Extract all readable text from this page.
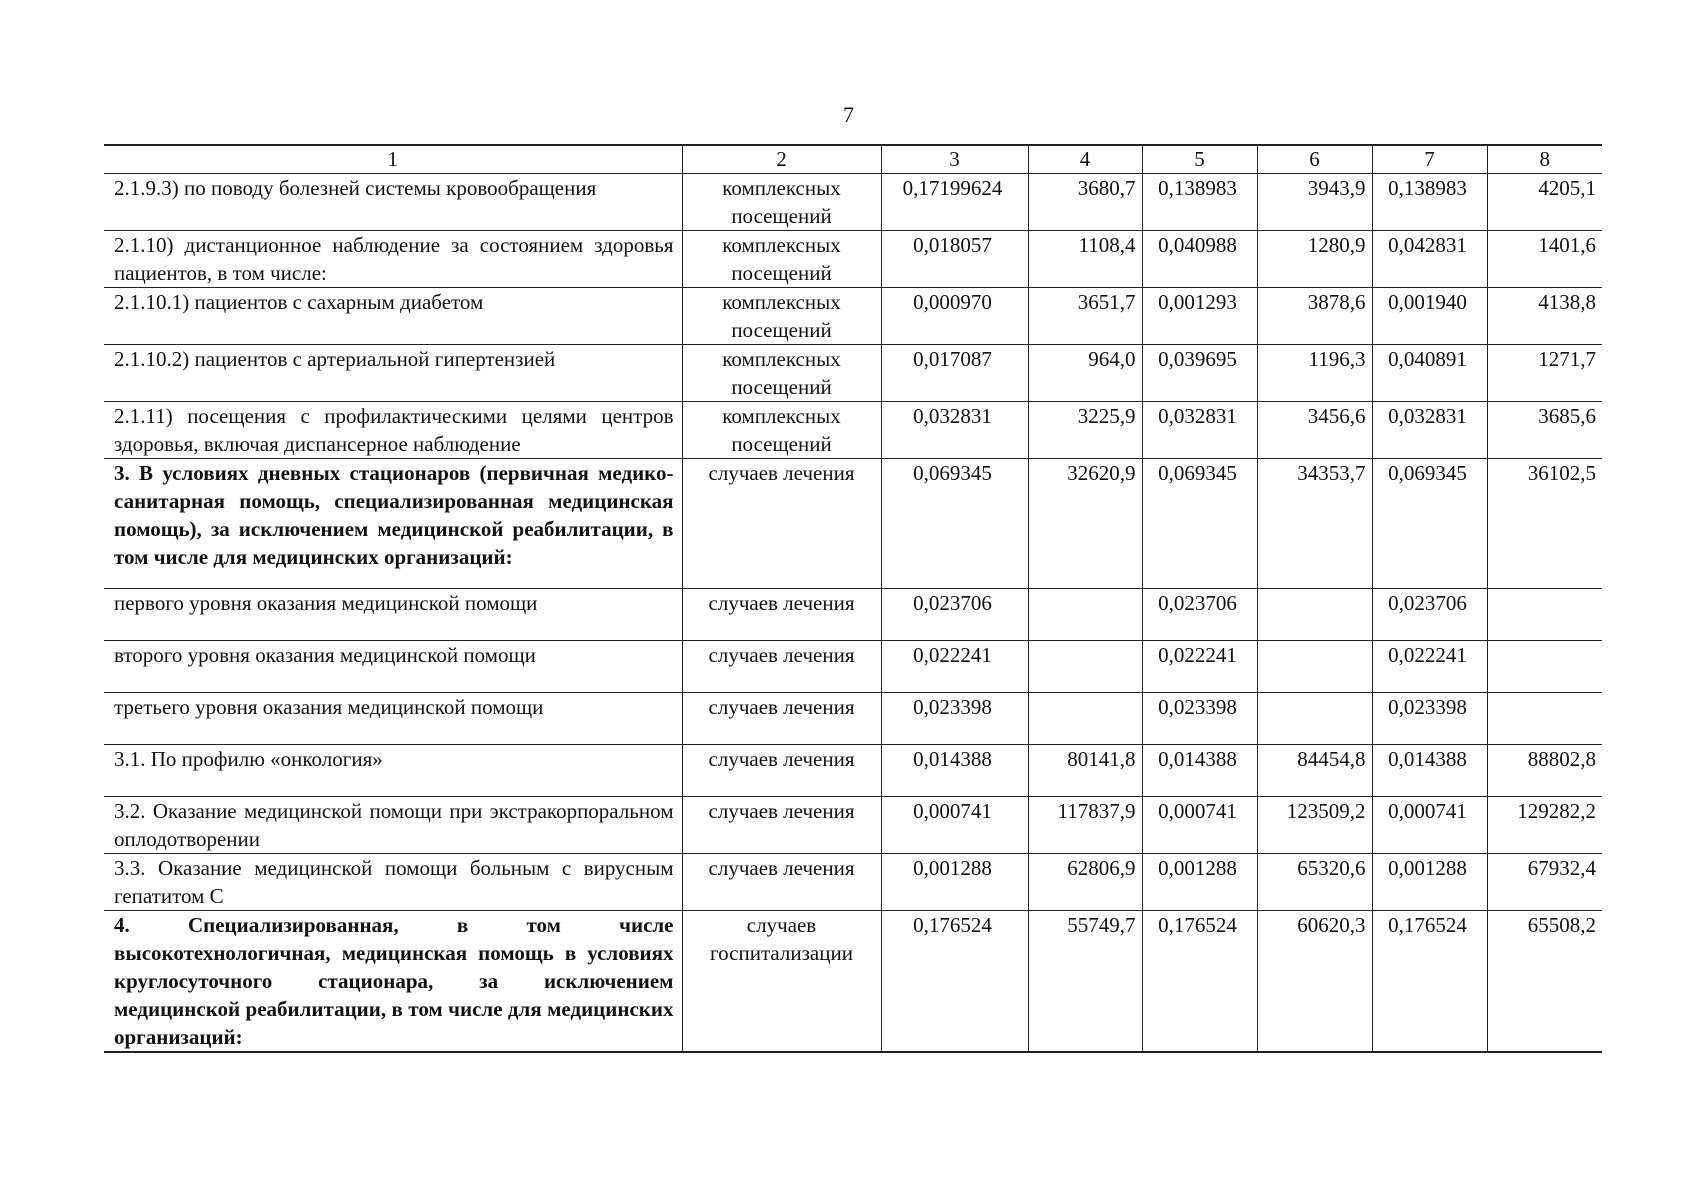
7
1	2	3	4	5	6	7	8
2.1.9.3) по поводу болезней системы кровообращения	комплексных посещений	0,17199624	3680,7	0,138983	3943,9	0,138983	4205,1
2.1.10) дистанционное наблюдение за состоянием здоровья пациентов, в том числе:	комплексных посещений	0,018057	1108,4	0,040988	1280,9	0,042831	1401,6
2.1.10.1) пациентов с сахарным диабетом	комплексных посещений	0,000970	3651,7	0,001293	3878,6	0,001940	4138,8
2.1.10.2) пациентов с артериальной гипертензией	комплексных посещений	0,017087	964,0	0,039695	1196,3	0,040891	1271,7
2.1.11) посещения с профилактическими целями центров здоровья, включая диспансерное наблюдение	комплексных посещений	0,032831	3225,9	0,032831	3456,6	0,032831	3685,6
3. В условиях дневных стационаров (первичная медико-санитарная помощь, специализированная медицинская помощь), за исключением медицинской реабилитации, в том числе для медицинских организаций:	случаев лечения	0,069345	32620,9	0,069345	34353,7	0,069345	36102,5
первого уровня оказания медицинской помощи	случаев лечения	0,023706		0,023706		0,023706	
второго уровня оказания медицинской помощи	случаев лечения	0,022241		0,022241		0,022241	
третьего уровня оказания медицинской помощи	случаев лечения	0,023398		0,023398		0,023398	
3.1. По профилю «онкология»	случаев лечения	0,014388	80141,8	0,014388	84454,8	0,014388	88802,8
3.2. Оказание медицинской помощи при экстракорпоральном оплодотворении	случаев лечения	0,000741	117837,9	0,000741	123509,2	0,000741	129282,2
3.3. Оказание медицинской помощи больным с вирусным гепатитом С	случаев лечения	0,001288	62806,9	0,001288	65320,6	0,001288	67932,4
4. Специализированная, в том числе высокотехнологичная, медицинская помощь в условиях круглосуточного стационара, за исключением медицинской реабилитации, в том числе для медицинских организаций:	случаев госпитализации	0,176524	55749,7	0,176524	60620,3	0,176524	65508,2
